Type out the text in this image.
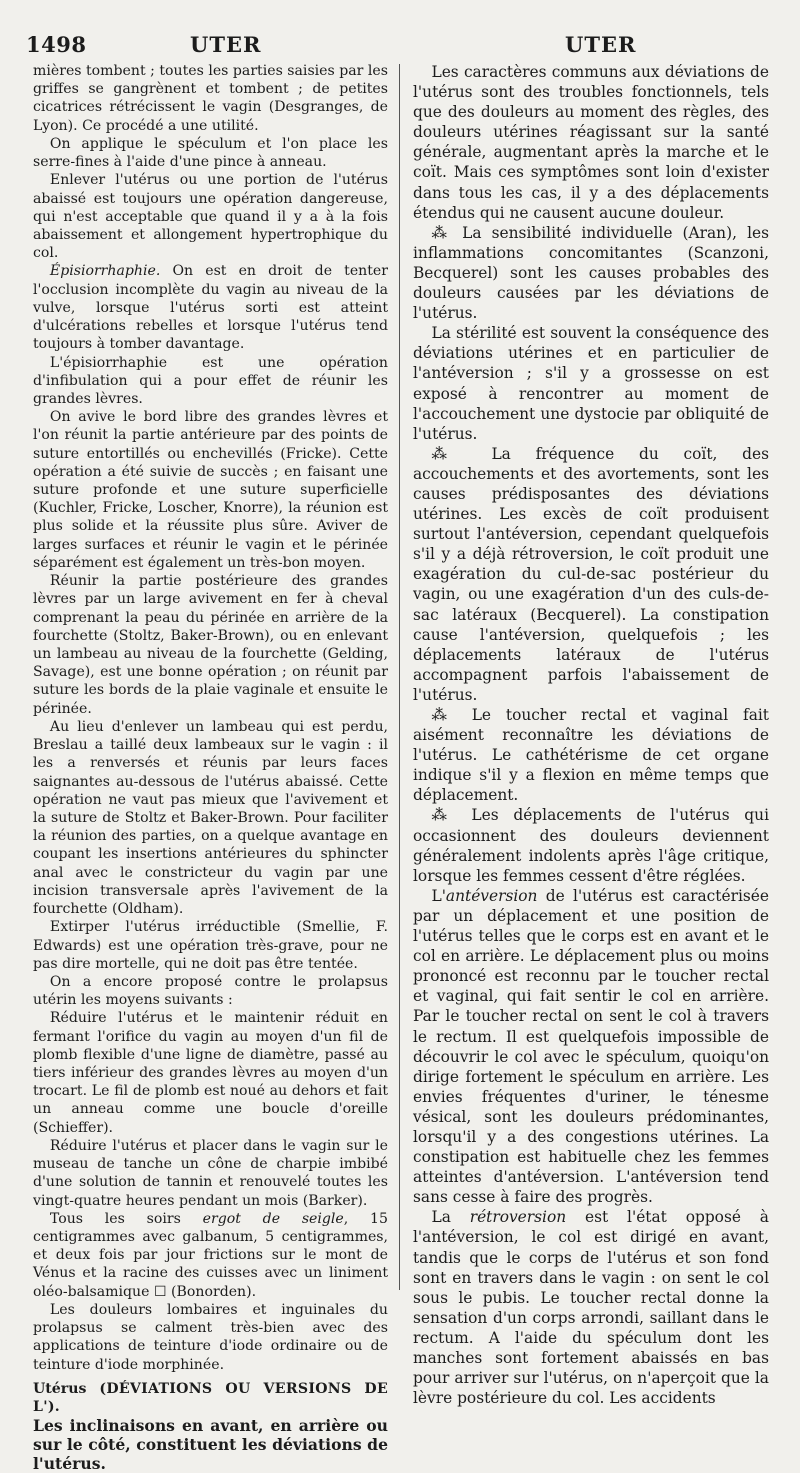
1498	UTER	UTER

mières tombent ; toutes les parties saisies par les griffes se gangrènent et tombent ; de petites cicatrices rétrécissent le vagin (Desgranges, de Lyon). Ce procédé a une utilité.

On applique le spéculum et l'on place les serre-fines à l'aide d'une pince à anneau.

Enlever l'utérus ou une portion de l'utérus abaissé est toujours une opération dangereuse, qui n'est acceptable que quand il y a à la fois abaissement et allongement hypertrophique du col.

Épisiorrhaphie. On est en droit de tenter l'occlusion incomplète du vagin au niveau de la vulve, lorsque l'utérus sorti est atteint d'ulcérations rebelles et lorsque l'utérus tend toujours à tomber davantage.

L'épisiorrhaphie est une opération d'infibulation qui a pour effet de réunir les grandes lèvres.

On avive le bord libre des grandes lèvres et l'on réunit la partie antérieure par des points de suture entortillés ou enchevillés (Fricke). Cette opération a été suivie de succès ; en faisant une suture profonde et une suture superficielle (Kuchler, Fricke, Loscher, Knorre), la réunion est plus solide et la réussite plus sûre. Aviver de larges surfaces et réunir le vagin et le périnée séparément est également un très-bon moyen.

Réunir la partie postérieure des grandes lèvres par un large avivement en fer à cheval comprenant la peau du périnée en arrière de la fourchette (Stoltz, Baker-Brown), ou en enlevant un lambeau au niveau de la fourchette (Gelding, Savage), est une bonne opération ; on réunit par suture les bords de la plaie vaginale et ensuite le périnée.

Au lieu d'enlever un lambeau qui est perdu, Breslau a taillé deux lambeaux sur le vagin : il les a renversés et réunis par leurs faces saignantes au-dessous de l'utérus abaissé. Cette opération ne vaut pas mieux que l'avivement et la suture de Stoltz et Baker-Brown. Pour faciliter la réunion des parties, on a quelque avantage en coupant les insertions antérieures du sphincter anal avec le constricteur du vagin par une incision transversale après l'avivement de la fourchette (Oldham).

Extirper l'utérus irréductible (Smellie, F. Edwards) est une opération très-grave, pour ne pas dire mortelle, qui ne doit pas être tentée.

On a encore proposé contre le prolapsus utérin les moyens suivants :

Réduire l'utérus et le maintenir réduit en fermant l'orifice du vagin au moyen d'un fil de plomb flexible d'une ligne de diamètre, passé au tiers inférieur des grandes lèvres au moyen d'un trocart. Le fil de plomb est noué au dehors et fait un anneau comme une boucle d'oreille (Schieffer).

Réduire l'utérus et placer dans le vagin sur le museau de tanche un cône de charpie imbibé d'une solution de tannin et renouvelé toutes les vingt-quatre heures pendant un mois (Barker).

Tous les soirs ergot de seigle, 15 centigrammes avec galbanum, 5 centigrammes, et deux fois par jour frictions sur le mont de Vénus et la racine des cuisses avec un liniment oléo-balsamique ☐ (Bonorden).

Les douleurs lombaires et inguinales du prolapsus se calment très-bien avec des applications de teinture d'iode ordinaire ou de teinture d'iode morphinée.

Utérus (DÉVIATIONS OU VERSIONS DE L').

Les inclinaisons en avant, en arrière ou sur le côté, constituent les déviations de l'utérus.

Les caractères communs aux déviations de l'utérus sont des troubles fonctionnels, tels que des douleurs au moment des règles, des douleurs utérines réagissant sur la santé générale, augmentant après la marche et le coït. Mais ces symptômes sont loin d'exister dans tous les cas, il y a des déplacements étendus qui ne causent aucune douleur.

⁂ La sensibilité individuelle (Aran), les inflammations concomitantes (Scanzoni, Becquerel) sont les causes probables des douleurs causées par les déviations de l'utérus.

La stérilité est souvent la conséquence des déviations utérines et en particulier de l'antéversion ; s'il y a grossesse on est exposé à rencontrer au moment de l'accouchement une dystocie par obliquité de l'utérus.

⁂ La fréquence du coït, des accouchements et des avortements, sont les causes prédisposantes des déviations utérines. Les excès de coït produisent surtout l'antéversion, cependant quelquefois s'il y a déjà rétroversion, le coït produit une exagération du cul-de-sac postérieur du vagin, ou une exagération d'un des culs-de-sac latéraux (Becquerel). La constipation cause l'antéversion, quelquefois ; les déplacements latéraux de l'utérus accompagnent parfois l'abaissement de l'utérus.

⁂ Le toucher rectal et vaginal fait aisément reconnaître les déviations de l'utérus. Le cathétérisme de cet organe indique s'il y a flexion en même temps que déplacement.

⁂ Les déplacements de l'utérus qui occasionnent des douleurs deviennent généralement indolents après l'âge critique, lorsque les femmes cessent d'être réglées.

L'antéversion de l'utérus est caractérisée par un déplacement et une position de l'utérus telles que le corps est en avant et le col en arrière. Le déplacement plus ou moins prononcé est reconnu par le toucher rectal et vaginal, qui fait sentir le col en arrière. Par le toucher rectal on sent le col à travers le rectum. Il est quelquefois impossible de découvrir le col avec le spéculum, quoiqu'on dirige fortement le spéculum en arrière. Les envies fréquentes d'uriner, le ténesme vésical, sont les douleurs prédominantes, lorsqu'il y a des congestions utérines. La constipation est habituelle chez les femmes atteintes d'antéversion. L'antéversion tend sans cesse à faire des progrès.

La rétroversion est l'état opposé à l'antéversion, le col est dirigé en avant, tandis que le corps de l'utérus et son fond sont en travers dans le vagin : on sent le col sous le pubis. Le toucher rectal donne la sensation d'un corps arrondi, saillant dans le rectum. A l'aide du spéculum dont les manches sont fortement abaissés en bas pour arriver sur l'utérus, on n'aperçoit que la lèvre postérieure du col. Les accidents
